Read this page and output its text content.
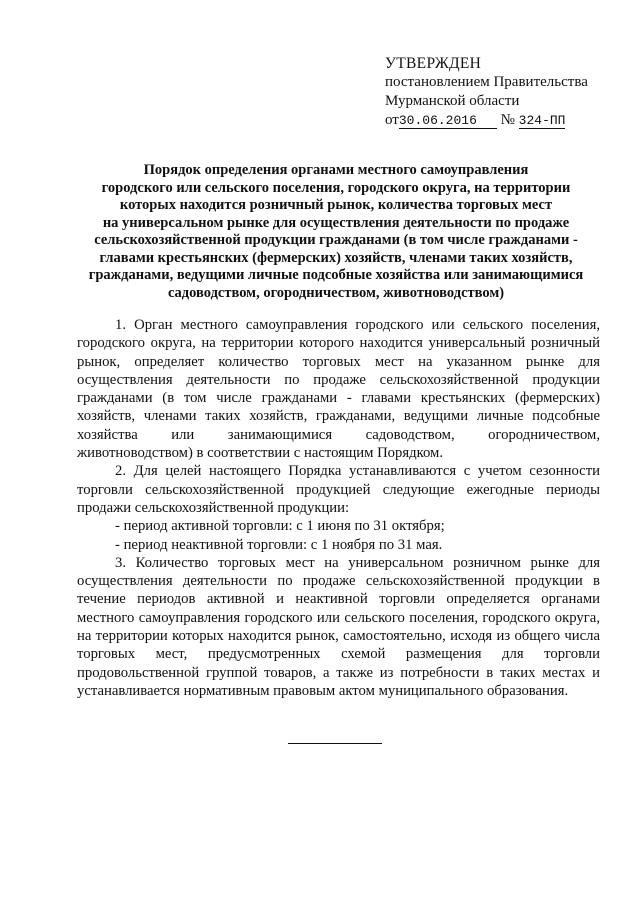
УТВЕРЖДЕН
постановлением Правительства
Мурманской области
от30.06.2016 № 324-ПП
Порядок определения органами местного самоуправления
городского или сельского поселения, городского округа, на территории
которых находится розничный рынок, количества торговых мест
на универсальном рынке для осуществления деятельности по продаже
сельскохозяйственной продукции гражданами (в том числе гражданами -
главами крестьянских (фермерских) хозяйств, членами таких хозяйств,
гражданами, ведущими личные подсобные хозяйства или занимающимися
садоводством, огородничеством, животноводством)

1. Орган местного самоуправления городского или сельского поселения, городского округа, на территории которого находится универсальный розничный рынок, определяет количество торговых мест на указанном рынке для осуществления деятельности по продаже сельскохозяйственной продукции гражданами (в том числе гражданами - главами крестьянских (фермерских) хозяйств, членами таких хозяйств, гражданами, ведущими личные подсобные хозяйства или занимающимися садоводством, огородничеством, животноводством) в соответствии с настоящим Порядком.

2. Для целей настоящего Порядка устанавливаются с учетом сезонности торговли сельскохозяйственной продукцией следующие ежегодные периоды продажи сельскохозяйственной продукции:

- период активной торговли: с 1 июня по 31 октября;

- период неактивной торговли: с 1 ноября по 31 мая.

3. Количество торговых мест на универсальном розничном рынке для осуществления деятельности по продаже сельскохозяйственной продукции в течение периодов активной и неактивной торговли определяется органами местного самоуправления городского или сельского поселения, городского округа, на территории которых находится рынок, самостоятельно, исходя из общего числа торговых мест, предусмотренных схемой размещения для торговли продовольственной группой товаров, а также из потребности в таких местах и устанавливается нормативным правовым актом муниципального образования.
